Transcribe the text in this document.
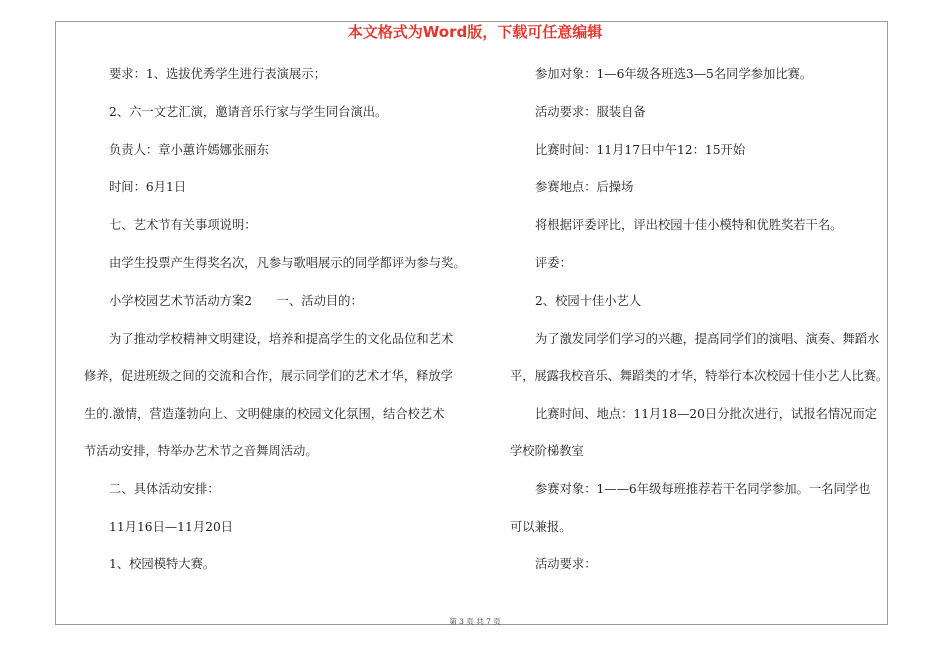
本文格式为Word版，下载可任意编辑
要求：1、选拔优秀学生进行表演展示；
2、六一文艺汇演，邀请音乐行家与学生同台演出。
负责人：章小蕙许嫣娜张丽东
时间：6月1日
七、艺术节有关事项说明：
由学生投票产生得奖名次，凡参与歌唱展示的同学都评为参与奖。
小学校园艺术节活动方案2　　一、活动目的：
为了推动学校精神文明建设，培养和提高学生的文化品位和艺术
修养，促进班级之间的交流和合作，展示同学们的艺术才华，释放学
生的.激情，营造蓬勃向上、文明健康的校园文化氛围，结合校艺术
节活动安排，特举办艺术节之音舞周活动。
二、具体活动安排：
11月16日—11月20日
1、校园模特大赛。
参加对象：1—6年级各班选3—5名同学参加比赛。
活动要求：服装自备
比赛时间：11月17日中午12：15开始
参赛地点：后操场
将根据评委评比，评出校园十佳小模特和优胜奖若干名。
评委：
2、校园十佳小艺人
为了激发同学们学习的兴趣，提高同学们的演唱、演奏、舞蹈水
平，展露我校音乐、舞蹈类的才华，特举行本次校园十佳小艺人比赛。
比赛时间、地点：11月18—20日分批次进行，试报名情况而定
学校阶梯教室
参赛对象：1——6年级每班推荐若干名同学参加。一名同学也
可以兼报。
活动要求：
第 3 页 共 7 页
